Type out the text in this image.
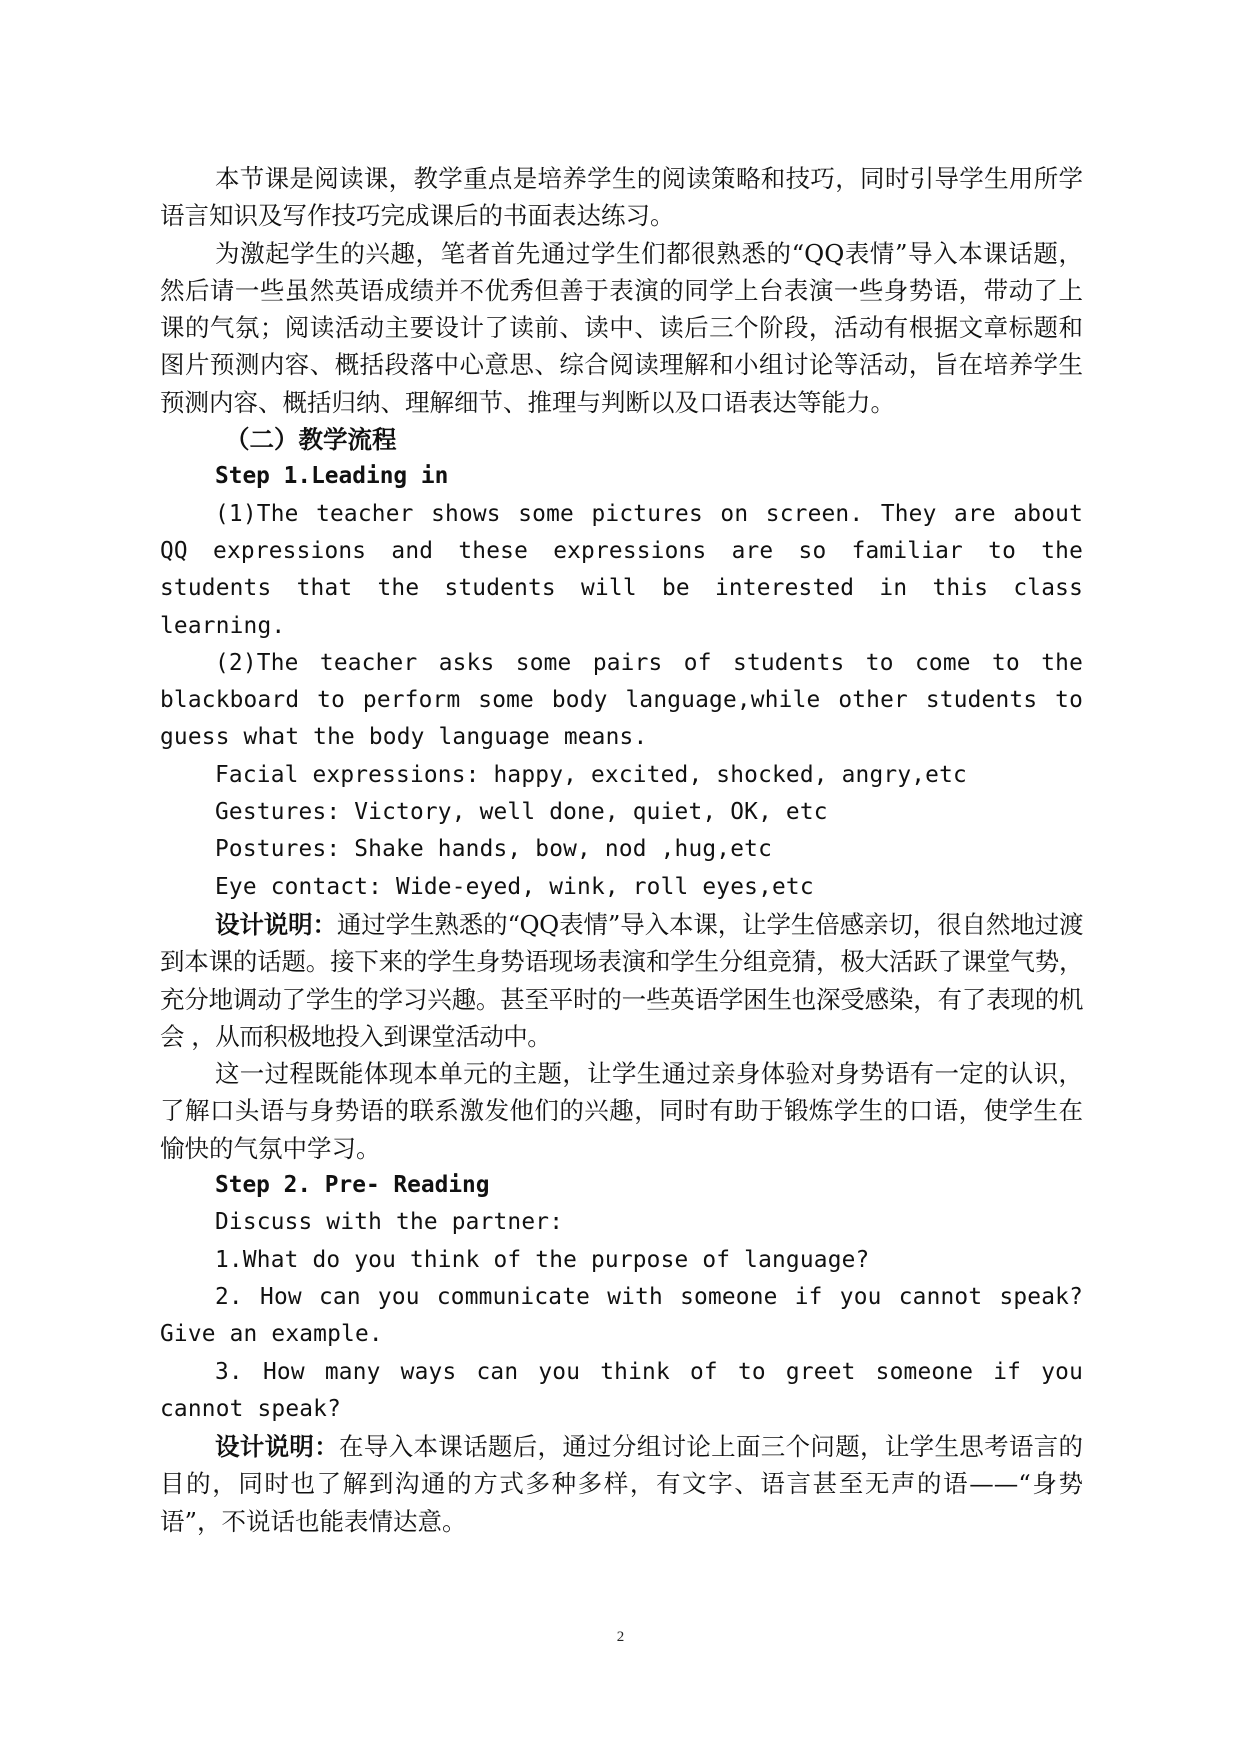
本节课是阅读课，教学重点是培养学生的阅读策略和技巧，同时引导学生用所学语言知识及写作技巧完成课后的书面表达练习。

为激起学生的兴趣，笔者首先通过学生们都很熟悉的“QQ表情”导入本课话题，然后请一些虽然英语成绩并不优秀但善于表演的同学上台表演一些身势语，带动了上课的气氛；阅读活动主要设计了读前、读中、读后三个阶段，活动有根据文章标题和图片预测内容、概括段落中心意思、综合阅读理解和小组讨论等活动，旨在培养学生预测内容、概括归纳、理解细节、推理与判断以及口语表达等能力。

（二）教学流程

Step 1.Leading in

(1)The teacher shows some pictures on screen. They are about QQ expressions and these expressions are so familiar to the students that the students will be interested in this class learning.

(2)The teacher asks some pairs of students to come to the blackboard to perform some body language,while other students to guess what the body language means.

Facial expressions: happy, excited, shocked, angry,etc

Gestures: Victory, well done, quiet, OK, etc

Postures: Shake hands, bow, nod ,hug,etc

Eye contact: Wide-eyed, wink, roll eyes,etc

设计说明：通过学生熟悉的“QQ表情”导入本课，让学生倍感亲切，很自然地过渡到本课的话题。接下来的学生身势语现场表演和学生分组竞猜，极大活跃了课堂气势，充分地调动了学生的学习兴趣。甚至平时的一些英语学困生也深受感染，有了表现的机会 ，从而积极地投入到课堂活动中。

这一过程既能体现本单元的主题，让学生通过亲身体验对身势语有一定的认识，了解口头语与身势语的联系激发他们的兴趣，同时有助于锻炼学生的口语，使学生在愉快的气氛中学习。

Step 2. Pre- Reading

Discuss with the partner:

1.What do you think of the purpose of language?

2. How can you communicate with someone if you cannot speak? Give an example.

3. How many ways can you think of to greet someone if you cannot speak?

设计说明：在导入本课话题后，通过分组讨论上面三个问题，让学生思考语言的目的，同时也了解到沟通的方式多种多样，有文字、语言甚至无声的语——“身势语”，不说话也能表情达意。

2
